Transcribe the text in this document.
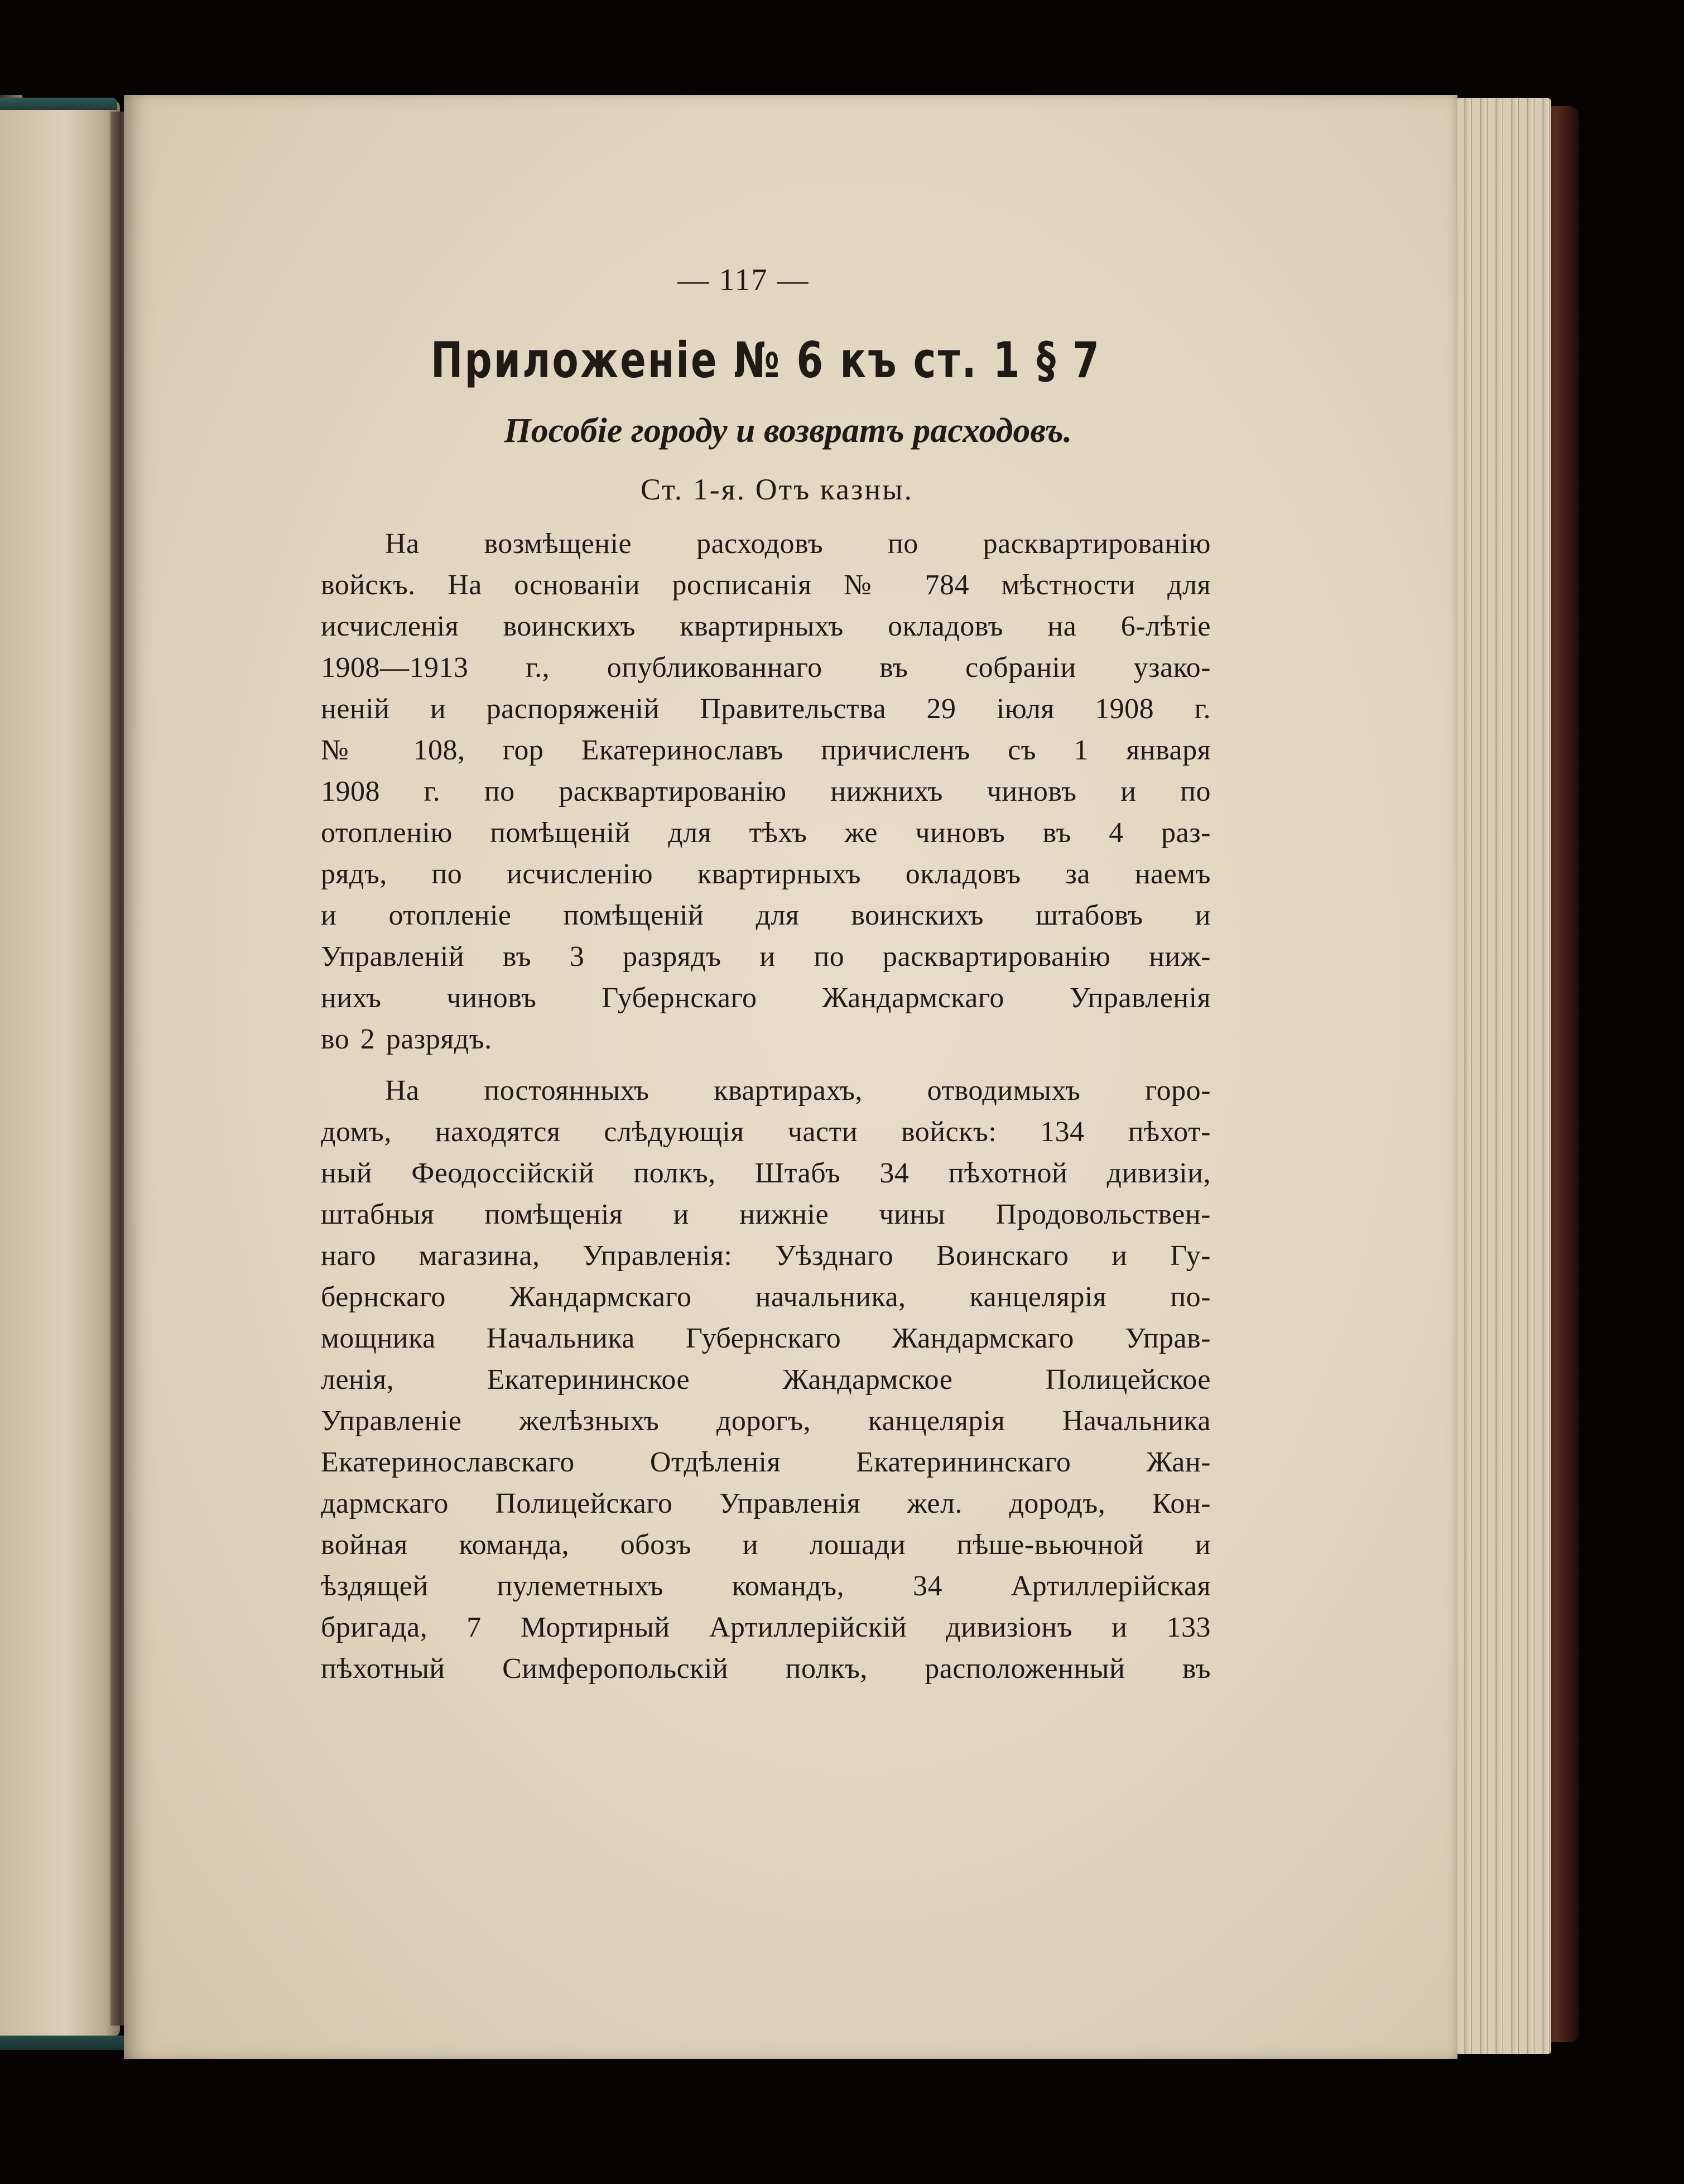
— 117 —
Приложеніе № 6 къ ст. 1 § 7
Пособіе городу и возвратъ расходовъ.
Ст. 1-я. Отъ казны.
На возмѣщеніе расходовъ по расквартированію
войскъ. На основаніи росписанія № 784 мѣстности для
исчисленія воинскихъ квартирныхъ окладовъ на 6-лѣтіе
1908—1913 г., опубликованнаго въ собраніи узако-
неній и распоряженій Правительства 29 іюля 1908 г.
№ 108, гор Екатеринославъ причисленъ съ 1 января
1908 г. по расквартированію нижнихъ чиновъ и по
отопленію помѣщеній для тѣхъ же чиновъ въ 4 раз-
рядъ, по исчисленію квартирныхъ окладовъ за наемъ
и отопленіе помѣщеній для воинскихъ штабовъ и
Управленій въ 3 разрядъ и по расквартированію ниж-
нихъ чиновъ Губернскаго Жандармскаго Управленія
во 2 разрядъ.
На постоянныхъ квартирахъ, отводимыхъ горо-
домъ, находятся слѣдующія части войскъ: 134 пѣхот-
ный Феодоссійскій полкъ, Штабъ 34 пѣхотной дивизіи,
штабныя помѣщенія и нижніе чины Продовольствен-
наго магазина, Управленія: Уѣзднаго Воинскаго и Гу-
бернскаго Жандармскаго начальника, канцелярія по-
мощника Начальника Губернскаго Жандармскаго Управ-
ленія, Екатерининское Жандармское Полицейское
Управленіе желѣзныхъ дорогъ, канцелярія Начальника
Екатеринославскаго Отдѣленія Екатерининскаго Жан-
дармскаго Полицейскаго Управленія жел. дородъ, Кон-
войная команда, обозъ и лошади пѣше-вьючной и
ѣздящей пулеметныхъ командъ, 34 Артиллерійская
бригада, 7 Мортирный Артиллерійскій дивизіонъ и 133
пѣхотный Симферопольскій полкъ, расположенный въ
